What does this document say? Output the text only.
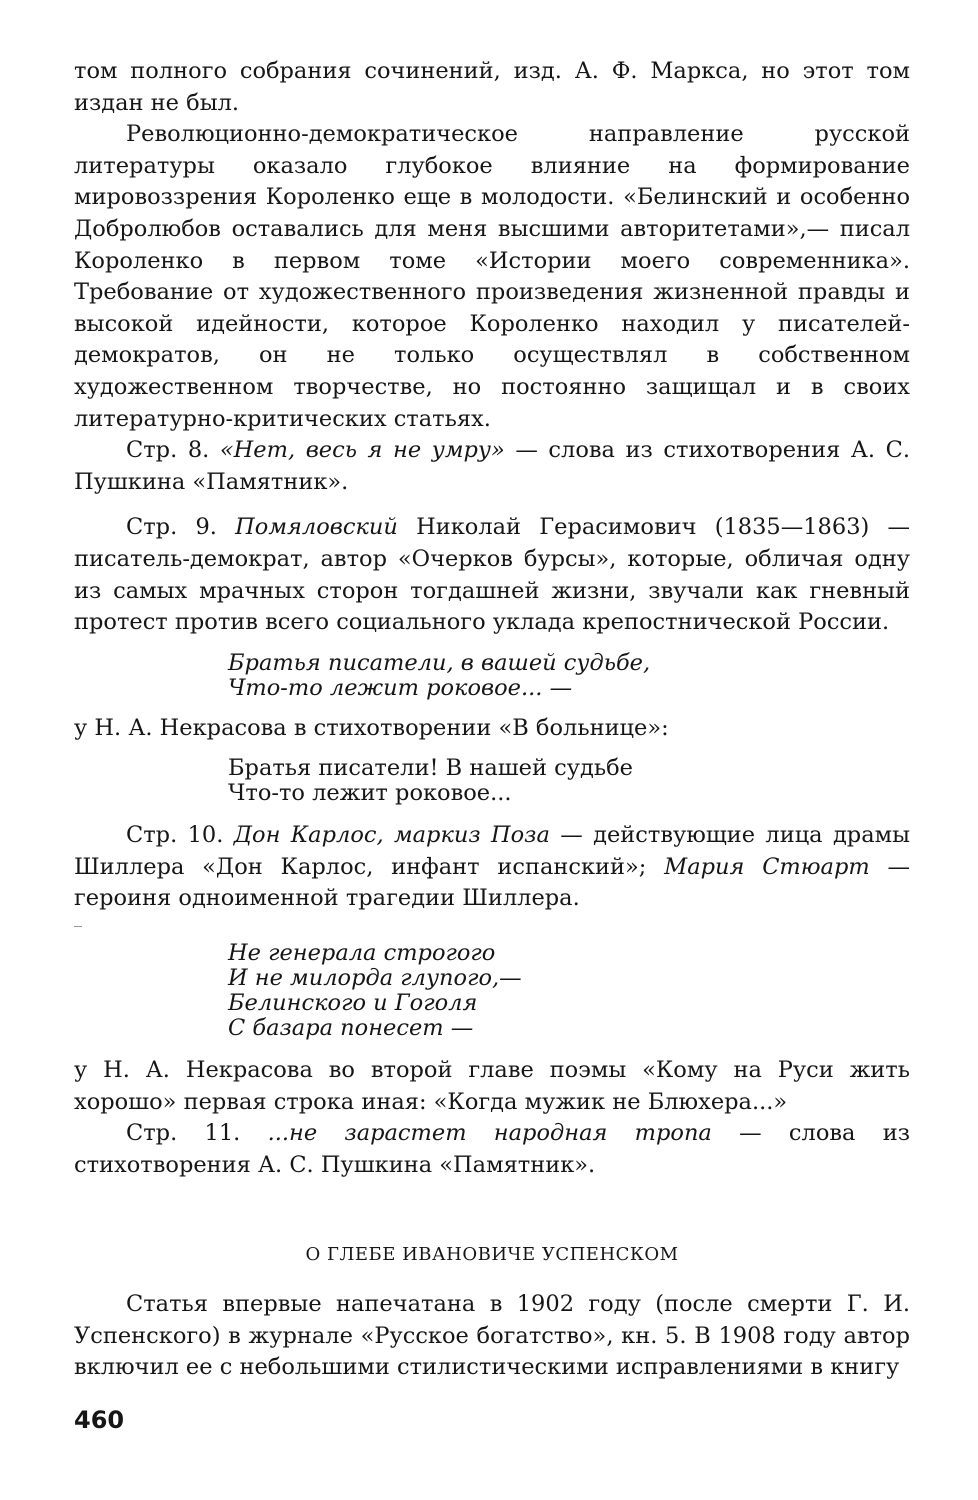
том полного собрания сочинений, изд. А. Ф. Маркса, но этот том издан не был.

Революционно-демократическое направление русской литературы оказало глубокое влияние на формирование мировоззрения Короленко еще в молодости. «Белинский и особенно Добролюбов оставались для меня высшими авторитетами»,— писал Короленко в первом томе «Истории моего современника». Требование от художественного произведения жизненной правды и высокой идейности, которое Короленко находил у писателей-демократов, он не только осуществлял в собственном художественном творчестве, но постоянно защищал и в своих литературно-критических статьях.

Стр. 8. «Нет, весь я не умру» — слова из стихотворения А. С. Пушкина «Памятник».

Стр. 9. Помяловский Николай Герасимович (1835—1863) — писатель-демократ, автор «Очерков бурсы», которые, обличая одну из самых мрачных сторон тогдашней жизни, звучали как гневный протест против всего социального уклада крепостнической России.

Братья писатели, в вашей судьбе,
Что-то лежит роковое... —

у Н. А. Некрасова в стихотворении «В больнице»:

Братья писатели! В нашей судьбе
Что-то лежит роковое...

Стр. 10. Дон Карлос, маркиз Поза — действующие лица драмы Шиллера «Дон Карлос, инфант испанский»; Мария Стюарт — героиня одноименной трагедии Шиллера.

Не генерала строгого
И не милорда глупого,—
Белинского и Гоголя
С базара понесет —

у Н. А. Некрасова во второй главе поэмы «Кому на Руси жить хорошо» первая строка иная: «Когда мужик не Блюхера...»

Стр. 11. ...не зарастет народная тропа — слова из стихотворения А. С. Пушкина «Памятник».

О ГЛЕБЕ ИВАНОВИЧЕ УСПЕНСКОМ

Статья впервые напечатана в 1902 году (после смерти Г. И. Успенского) в журнале «Русское богатство», кн. 5. В 1908 году автор включил ее с небольшими стилистическими исправлениями в книгу

460
